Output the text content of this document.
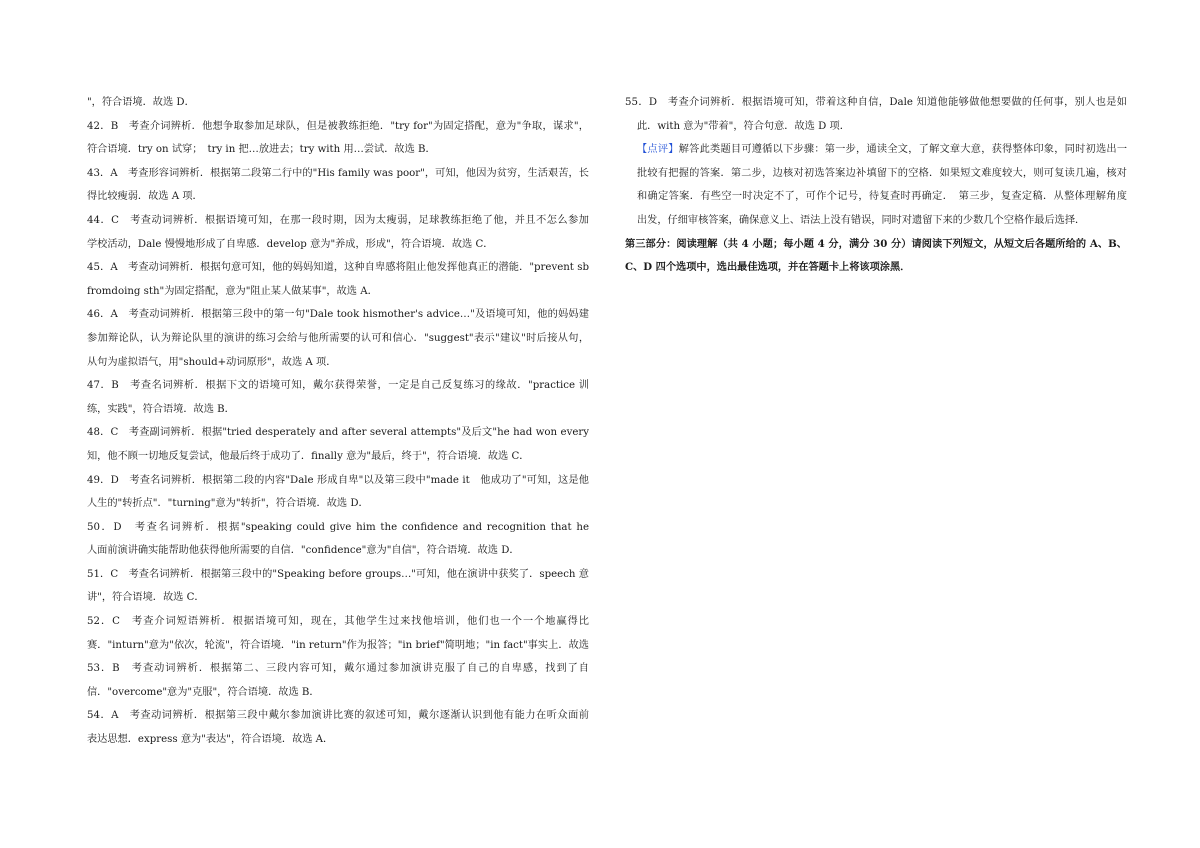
"，符合语境．故选 D．
42．B　考查介词辨析．他想争取参加足球队，但是被教练拒绝．"try for"为固定搭配，意为"争取，谋求"，
符合语境．try on 试穿；　try in 把…放进去；try with 用…尝试．故选 B．
43．A　考查形容词辨析．根据第二段第二行中的"His family was poor"，可知，他因为贫穷，生活艰苦，长
得比较瘦弱．故选 A 项．
44．C　考查动词辨析．根据语境可知，在那一段时期，因为太瘦弱，足球教练拒绝了他，并且不怎么参加
学校活动，Dale 慢慢地形成了自卑感．develop 意为"养成，形成"，符合语境．故选 C．
45．A　考查动词辨析．根据句意可知，他的妈妈知道，这种自卑感将阻止他发挥他真正的潜能．"prevent sb
fromdoing sth"为固定搭配，意为"阻止某人做某事"，故选 A．
46．A　考查动词辨析．根据第三段中的第一句"Dale took hismother's advice…"及语境可知，他的妈妈建
参加辩论队，认为辩论队里的演讲的练习会给与他所需要的认可和信心．"suggest"表示"建议"时后接从句，
从句为虚拟语气，用"should+动词原形"，故选 A 项．
47．B　考查名词辨析．根据下文的语境可知，戴尔获得荣誉，一定是自己反复练习的缘故．"practice 训
练，实践"，符合语境．故选 B．
48．C　考查副词辨析．根据"tried desperately and after several attempts"及后文"he had won every
知，他不顾一切地反复尝试，他最后终于成功了．finally 意为"最后，终于"，符合语境．故选 C．
49．D　考查名词辨析．根据第二段的内容"Dale 形成自卑"以及第三段中"made it　他成功了"可知，这是他
人生的"转折点"．"turning"意为"转折"，符合语境．故选 D．
50．D　考查名词辨析．根据"speaking could give him the confidence and recognition that he
人面前演讲确实能帮助他获得他所需要的自信．"confidence"意为"自信"，符合语境．故选 D．
51．C　考查名词辨析．根据第三段中的"Speaking before groups…"可知，他在演讲中获奖了．speech 意
讲"，符合语境．故选 C．
52．C　考查介词短语辨析．根据语境可知，现在，其他学生过来找他培训，他们也一个一个地赢得比
赛．"inturn"意为"依次，轮流"，符合语境．"in return"作为报答；"in brief"简明地；"in fact"事实上．故选
53．B　考查动词辨析．根据第二、三段内容可知，戴尔通过参加演讲克服了自己的自卑感，找到了自
信．"overcome"意为"克服"，符合语境．故选 B．
54．A　考查动词辨析．根据第三段中戴尔参加演讲比赛的叙述可知，戴尔逐渐认识到他有能力在听众面前
表达思想．express 意为"表达"，符合语境．故选 A．
55．D　考查介词辨析．根据语境可知，带着这种自信，Dale 知道他能够做他想要做的任何事，别人也是如
此．with 意为"带着"，符合句意．故选 D 项．
【点评】解答此类题目可遵循以下步骤：第一步，通读全文，了解文章大意，获得整体印象，同时初选出一
批较有把握的答案．第二步，边核对初选答案边补填留下的空格．如果短文难度较大，则可复读几遍，核对
和确定答案．有些空一时决定不了，可作个记号，待复查时再确定．　第三步，复查定稿．从整体理解角度
出发，仔细审核答案，确保意义上、语法上没有错误，同时对遗留下来的少数几个空格作最后选择．
第三部分：阅读理解（共 4 小题；每小题 4 分，满分 30 分）请阅读下列短文，从短文后各题所给的 A、B、
C、D 四个选项中，选出最佳选项，并在答题卡上将该项涂黑．
